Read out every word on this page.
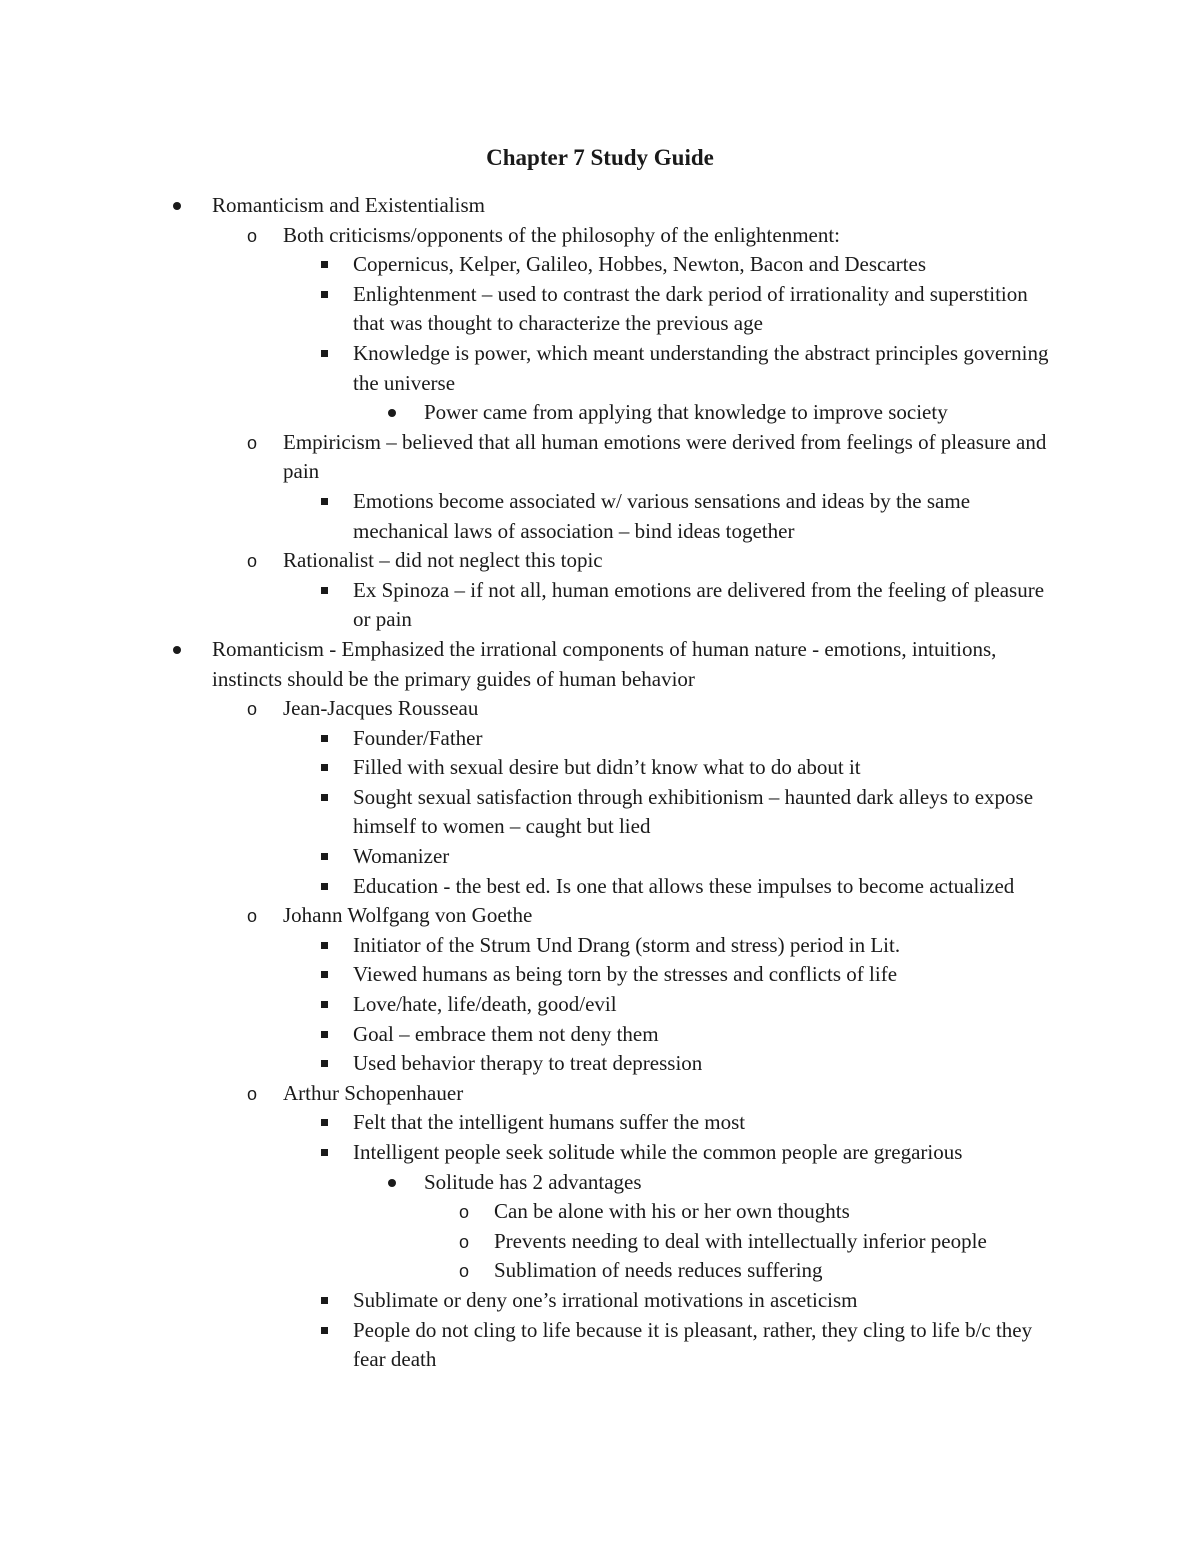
Chapter 7 Study Guide
Romanticism and Existentialism
o
Both criticisms/opponents of the philosophy of the enlightenment:
Copernicus, Kelper, Galileo, Hobbes, Newton, Bacon and Descartes
Enlightenment – used to contrast the dark period of irrationality and superstition that was thought to characterize the previous age
Knowledge is power, which meant understanding the abstract principles governing the universe
Power came from applying that knowledge to improve society
o
Empiricism – believed that all human emotions were derived from feelings of pleasure and pain
Emotions become associated w/ various sensations and ideas by the same mechanical laws of association – bind ideas together
o
Rationalist – did not neglect this topic
Ex Spinoza – if not all, human emotions are delivered from the feeling of pleasure or pain
Romanticism - Emphasized the irrational components of human nature - emotions, intuitions, instincts should be the primary guides of human behavior
o
Jean-Jacques Rousseau
Founder/Father
Filled with sexual desire but didn’t know what to do about it
Sought sexual satisfaction through exhibitionism – haunted dark alleys to expose himself to women – caught but lied
Womanizer
Education - the best ed. Is one that allows these impulses to become actualized
o
Johann Wolfgang von Goethe
Initiator of the Strum Und Drang (storm and stress) period in Lit.
Viewed humans as being torn by the stresses and conflicts of life
Love/hate, life/death, good/evil
Goal – embrace them not deny them
Used behavior therapy to treat depression
o
Arthur Schopenhauer
Felt that the intelligent humans suffer the most
Intelligent people seek solitude while the common people are gregarious
Solitude has 2 advantages
o
Can be alone with his or her own thoughts
o
Prevents needing to deal with intellectually inferior people
o
Sublimation of needs reduces suffering
Sublimate or deny one’s irrational motivations in asceticism
People do not cling to life because it is pleasant, rather, they cling to life b/c they fear death
